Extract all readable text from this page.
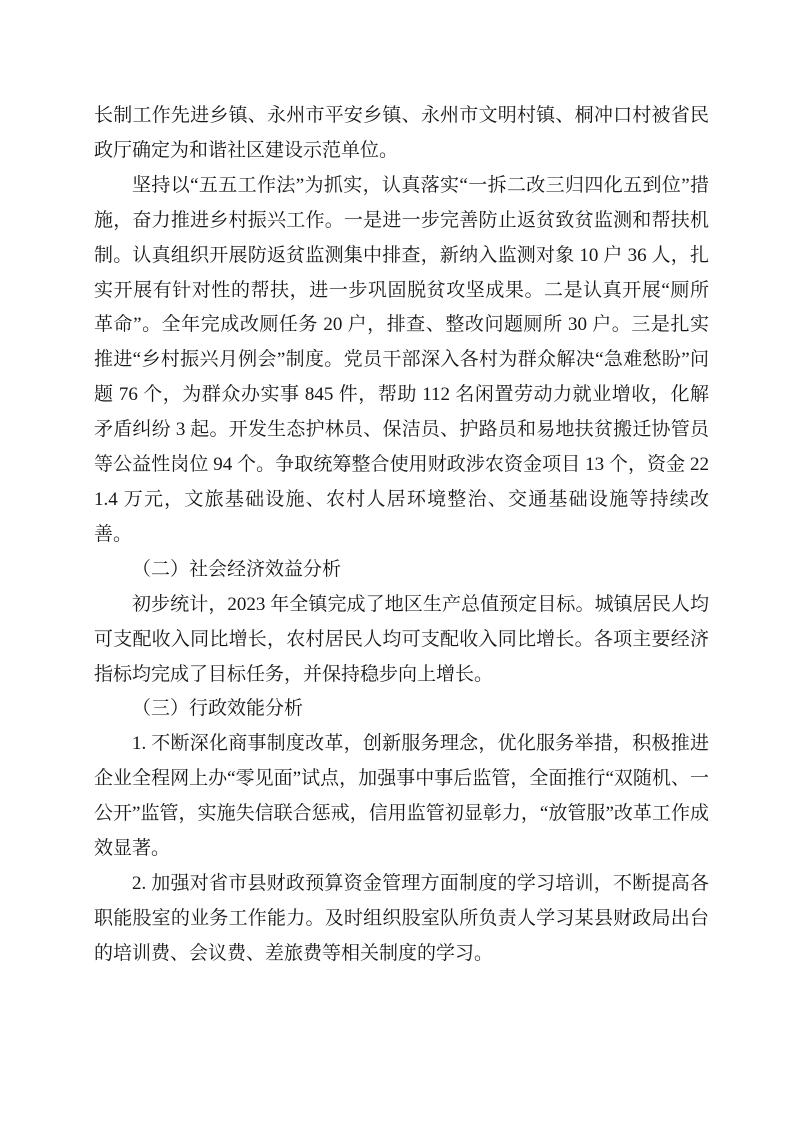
长制工作先进乡镇、永州市平安乡镇、永州市文明村镇、桐冲口村被省民政厅确定为和谐社区建设示范单位。

坚持以“五五工作法”为抓实，认真落实“一拆二改三归四化五到位”措施，奋力推进乡村振兴工作。一是进一步完善防止返贫致贫监测和帮扶机制。认真组织开展防返贫监测集中排查，新纳入监测对象 10 户 36 人，扎实开展有针对性的帮扶，进一步巩固脱贫攻坚成果。二是认真开展“厕所革命”。全年完成改厕任务 20 户，排查、整改问题厕所 30 户。三是扎实推进“乡村振兴月例会”制度。党员干部深入各村为群众解决“急难愁盼”问题 76 个，为群众办实事 845 件，帮助 112 名闲置劳动力就业增收，化解矛盾纠纷 3 起。开发生态护林员、保洁员、护路员和易地扶贫搬迁协管员等公益性岗位 94 个。争取统筹整合使用财政涉农资金项目 13 个，资金 221.4 万元，文旅基础设施、农村人居环境整治、交通基础设施等持续改善。

（二）社会经济效益分析

初步统计，2023 年全镇完成了地区生产总值预定目标。城镇居民人均可支配收入同比增长，农村居民人均可支配收入同比增长。各项主要经济指标均完成了目标任务，并保持稳步向上增长。

（三）行政效能分析

1. 不断深化商事制度改革，创新服务理念，优化服务举措，积极推进企业全程网上办“零见面”试点，加强事中事后监管，全面推行“双随机、一公开”监管，实施失信联合惩戒，信用监管初显彰力，“放管服”改革工作成效显著。

2. 加强对省市县财政预算资金管理方面制度的学习培训，不断提高各职能股室的业务工作能力。及时组织股室队所负责人学习某县财政局出台的培训费、会议费、差旅费等相关制度的学习。
